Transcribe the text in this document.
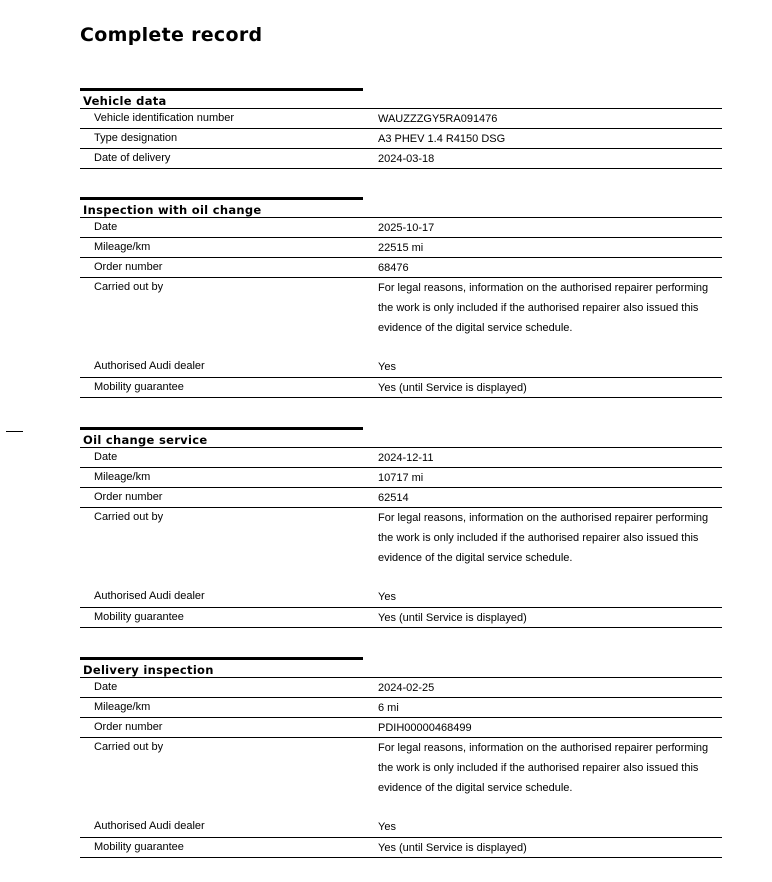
Complete record
Vehicle data
Vehicle identification number	WAUZZZGY5RA091476
Type designation	A3 PHEV 1.4 R4150 DSG
Date of delivery	2024-03-18
Inspection with oil change
Date	2025-10-17
Mileage/km	22515 mi
Order number	68476
Carried out by	For legal reasons, information on the authorised repairer performing the work is only included if the authorised repairer also issued this evidence of the digital service schedule.
Authorised Audi dealer	Yes
Mobility guarantee	Yes (until Service is displayed)
Oil change service
Date	2024-12-11
Mileage/km	10717 mi
Order number	62514
Carried out by	For legal reasons, information on the authorised repairer performing the work is only included if the authorised repairer also issued this evidence of the digital service schedule.
Authorised Audi dealer	Yes
Mobility guarantee	Yes (until Service is displayed)
Delivery inspection
Date	2024-02-25
Mileage/km	6 mi
Order number	PDIH00000468499
Carried out by	For legal reasons, information on the authorised repairer performing the work is only included if the authorised repairer also issued this evidence of the digital service schedule.
Authorised Audi dealer	Yes
Mobility guarantee	Yes (until Service is displayed)
